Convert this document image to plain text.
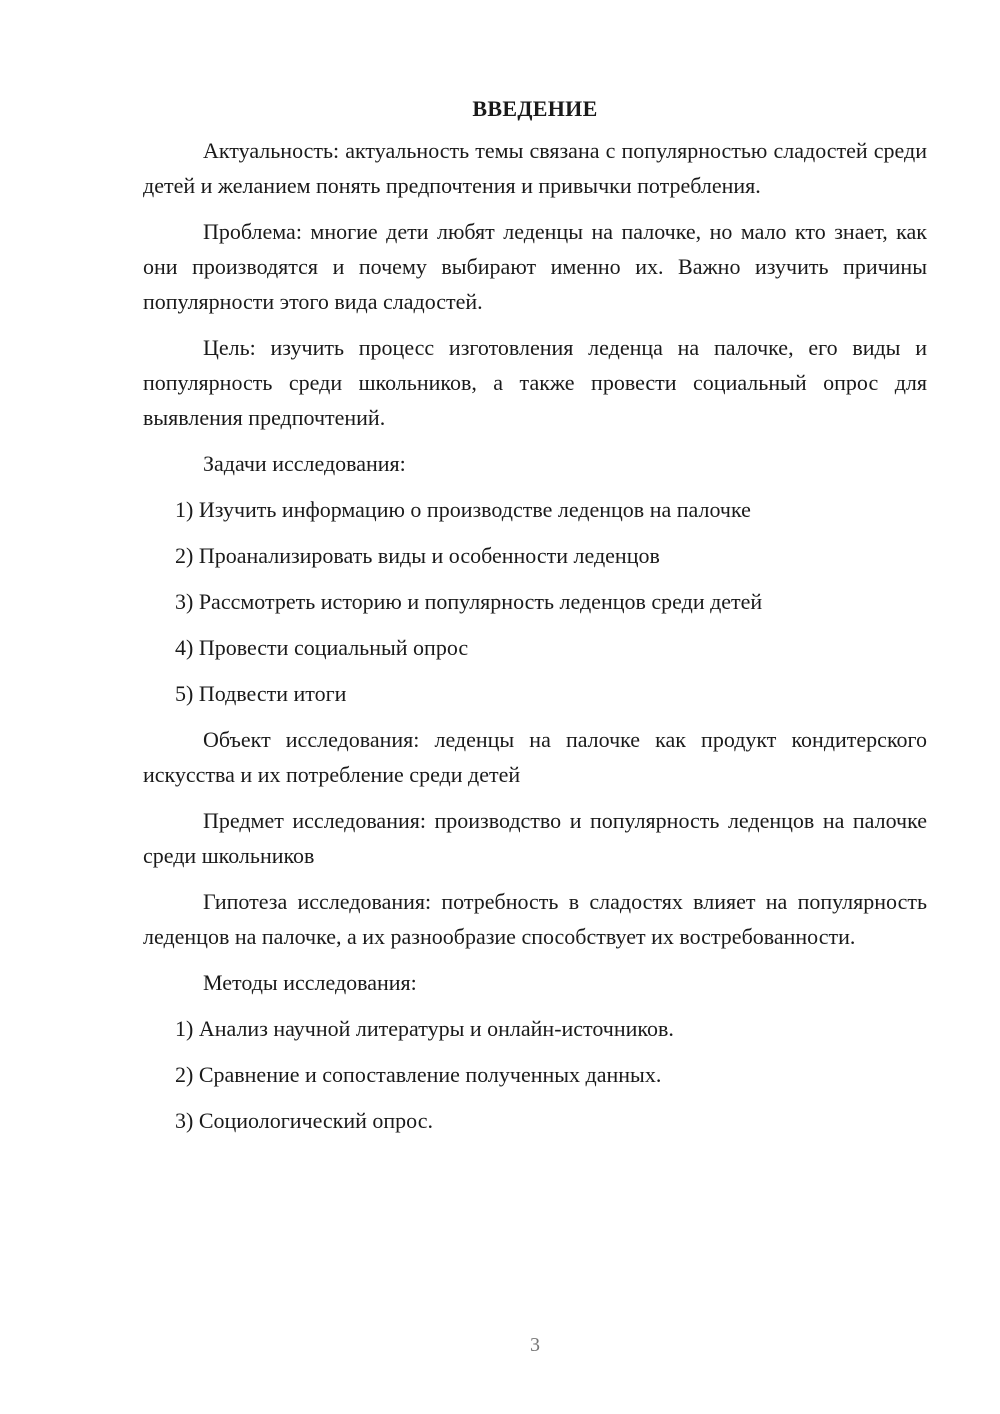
ВВЕДЕНИЕ

Актуальность: актуальность темы связана с популярностью сладостей среди детей и желанием понять предпочтения и привычки потребления.

Проблема: многие дети любят леденцы на палочке, но мало кто знает, как они производятся и почему выбирают именно их. Важно изучить причины популярности этого вида сладостей.

Цель: изучить процесс изготовления леденца на палочке, его виды и популярность среди школьников, а также провести социальный опрос для выявления предпочтений.

Задачи исследования:
1) Изучить информацию о производстве леденцов на палочке
2) Проанализировать виды и особенности леденцов
3) Рассмотреть историю и популярность леденцов среди детей
4) Провести социальный опрос
5) Подвести итоги

Объект исследования: леденцы на палочке как продукт кондитерского искусства и их потребление среди детей

Предмет исследования: производство и популярность леденцов на палочке среди школьников

Гипотеза исследования: потребность в сладостях влияет на популярность леденцов на палочке, а их разнообразие способствует их востребованности.

Методы исследования:
1) Анализ научной литературы и онлайн-источников.
2) Сравнение и сопоставление полученных данных.
3) Социологический опрос.
3
